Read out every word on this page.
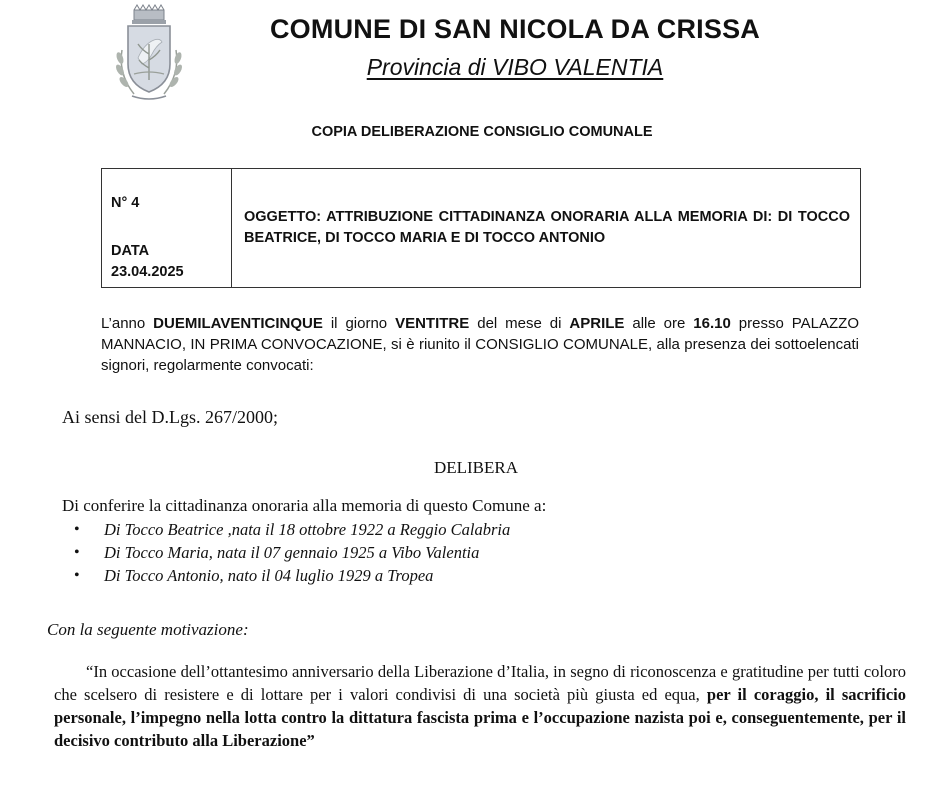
COMUNE DI SAN NICOLA DA CRISSA
Provincia di VIBO VALENTIA
COPIA DELIBERAZIONE CONSIGLIO COMUNALE
N° 4
DATA
23.04.2025
OGGETTO: ATTRIBUZIONE CITTADINANZA ONORARIA ALLA MEMORIA DI: DI TOCCO BEATRICE, DI TOCCO MARIA E DI TOCCO ANTONIO
L’anno DUEMILAVENTICINQUE il giorno VENTITRE del mese di APRILE alle ore 16.10 presso PALAZZO MANNACIO, IN PRIMA CONVOCAZIONE, si è riunito il CONSIGLIO COMUNALE, alla presenza dei sottoelencati signori, regolarmente convocati:
Ai sensi del D.Lgs. 267/2000;
DELIBERA
Di conferire la cittadinanza onoraria alla memoria di questo Comune a:
• Di Tocco Beatrice ,nata il 18 ottobre 1922 a Reggio Calabria
• Di Tocco Maria, nata il 07 gennaio 1925 a Vibo Valentia
• Di Tocco Antonio, nato il 04 luglio 1929 a Tropea
Con la seguente motivazione:
“In occasione dell’ottantesimo anniversario della Liberazione d’Italia, in segno di riconoscenza e gratitudine per tutti coloro che scelsero di resistere e di lottare per i valori condivisi di una società più giusta ed equa, per il coraggio, il sacrificio personale, l’impegno nella lotta contro la dittatura fascista prima e l’occupazione nazista poi e, conseguentemente, per il decisivo contributo alla Liberazione”
